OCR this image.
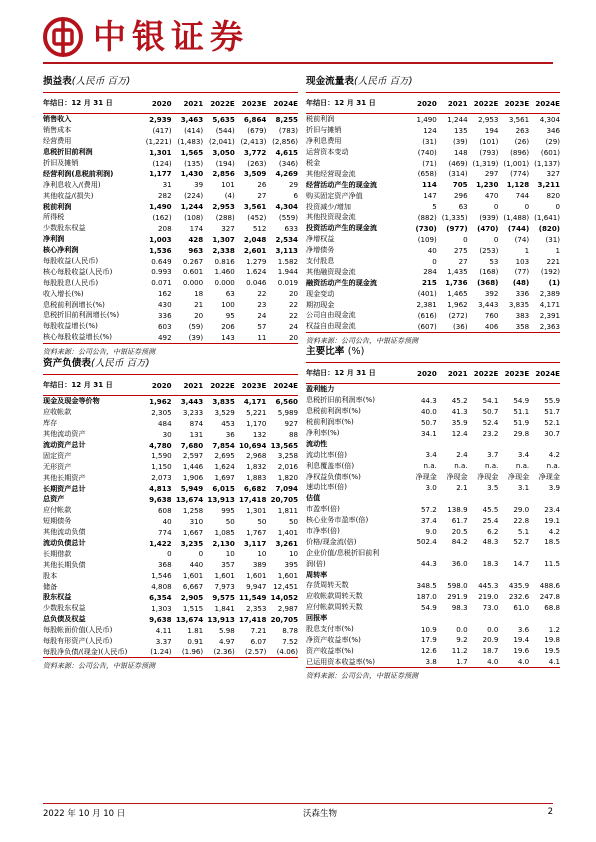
中银证券
损益表(人民币 百万)
年结日：12 月 31 日	2020	2021	2022E	2023E	2024E
销售收入	2,939	3,463	5,635	6,864	8,255
销售成本	(417)	(414)	(544)	(679)	(783)
经营费用	(1,221)	(1,483)	(2,041)	(2,413)	(2,856)
息税折旧前利润	1,301	1,565	3,050	3,772	4,615
折旧及摊销	(124)	(135)	(194)	(263)	(346)
经营利润(息税前利润)	1,177	1,430	2,856	3,509	4,269
净利息收入/(费用)	31	39	101	26	29
其他收益/(损失)	282	(224)	(4)	27	6
税前利润	1,490	1,244	2,953	3,561	4,304
所得税	(162)	(108)	(288)	(452)	(559)
少数股东权益	208	174	327	512	633
净利润	1,003	428	1,307	2,048	2,534
核心净利润	1,536	963	2,338	2,601	3,113
每股收益(人民币)	0.649	0.267	0.816	1.279	1.582
核心每股收益(人民币)	0.993	0.601	1.460	1.624	1.944
每股股息(人民币)	0.071	0.000	0.000	0.046	0.019
收入增长(%)	162	18	63	22	20
息税前利润增长(%)	430	21	100	23	22
息税折旧前利润增长(%)	336	20	95	24	22
每股收益增长(%)	603	(59)	206	57	24
核心每股收益增长(%)	492	(39)	143	11	20
资料来源：公司公告，中银证券预测
资产负债表(人民币 百万)
年结日：12 月 31 日	2020	2021	2022E	2023E	2024E
现金及现金等价物	1,962	3,443	3,835	4,171	6,560
应收帐款	2,305	3,233	3,529	5,221	5,989
库存	484	874	453	1,170	927
其他流动资产	30	131	36	132	88
流动资产总计	4,780	7,680	7,854	10,694	13,565
固定资产	1,590	2,597	2,695	2,968	3,258
无形资产	1,150	1,446	1,624	1,832	2,016
其他长期资产	2,073	1,906	1,697	1,883	1,820
长期资产总计	4,813	5,949	6,015	6,682	7,094
总资产	9,638	13,674	13,913	17,418	20,705
应付帐款	608	1,258	995	1,301	1,811
短期债务	40	310	50	50	50
其他流动负债	774	1,667	1,085	1,767	1,401
流动负债总计	1,422	3,235	2,130	3,117	3,261
长期借款	0	0	10	10	10
其他长期负债	368	440	357	389	395
股本	1,546	1,601	1,601	1,601	1,601
储备	4,808	6,667	7,973	9,947	12,451
股东权益	6,354	2,905	9,575	11,549	14,052
少数股东权益	1,303	1,515	1,841	2,353	2,987
总负债及权益	9,638	13,674	13,913	17,418	20,705
每股帐面价值(人民币)	4.11	1.81	5.98	7.21	8.78
每股有形资产(人民币)	3.37	0.91	4.97	6.07	7.52
每股净负债/(现金)(人民币)	(1.24)	(1.96)	(2.36)	(2.57)	(4.06)
资料来源：公司公告，中银证券预测
现金流量表(人民币 百万)
年结日：12 月 31 日	2020	2021	2022E	2023E	2024E
税前利润	1,490	1,244	2,953	3,561	4,304
折旧与摊销	124	135	194	263	346
净利息费用	(31)	(39)	(101)	(26)	(29)
运营资本变动	(740)	148	(793)	(896)	(601)
税金	(71)	(469)	(1,319)	(1,001)	(1,137)
其他经营现金流	(658)	(314)	297	(774)	327
经营活动产生的现金流	114	705	1,230	1,128	3,211
购买固定资产净值	147	296	470	744	820
投资减少/增加	5	63	0	0	0
其他投资现金流	(882)	(1,335)	(939)	(1,488)	(1,641)
投资活动产生的现金流	(730)	(977)	(470)	(744)	(820)
净增权益	(109)	0	0	(74)	(31)
净增债务	40	275	(253)	1	1
支付股息	0	27	53	103	221
其他融资现金流	284	1,435	(168)	(77)	(192)
融资活动产生的现金流	215	1,736	(368)	(48)	(1)
现金变动	(401)	1,465	392	336	2,389
期初现金	2,381	1,962	3,443	3,835	4,171
公司自由现金流	(616)	(272)	760	383	2,391
权益自由现金流	(607)	(36)	406	358	2,363
资料来源：公司公告，中银证券预测
主要比率 (%)
年结日：12 月 31 日	2020	2021	2022E	2023E	2024E
盈利能力					
息税折旧前利润率(%)	44.3	45.2	54.1	54.9	55.9
息税前利润率(%)	40.0	41.3	50.7	51.1	51.7
税前利润率(%)	50.7	35.9	52.4	51.9	52.1
净利率(%)	34.1	12.4	23.2	29.8	30.7
流动性					
流动比率(倍)	3.4	2.4	3.7	3.4	4.2
利息覆盖率(倍)	n.a.	n.a.	n.a.	n.a.	n.a.
净权益负债率(%)	净现金	净现金	净现金	净现金	净现金
速动比率(倍)	3.0	2.1	3.5	3.1	3.9
估值					
市盈率(倍)	57.2	138.9	45.5	29.0	23.4
核心业务市盈率(倍)	37.4	61.7	25.4	22.8	19.1
市净率(倍)	9.0	20.5	6.2	5.1	4.2
价格/现金流(倍)	502.4	84.2	48.3	52.7	18.5
企业价值/息税折旧前利					
润(倍)	44.3	36.0	18.3	14.7	11.5
周转率					
存货周转天数	348.5	598.0	445.3	435.9	488.6
应收帐款周转天数	187.0	291.9	219.0	232.6	247.8
应付帐款周转天数	54.9	98.3	73.0	61.0	68.8
回报率					
股息支付率(%)	10.9	0.0	0.0	3.6	1.2
净资产收益率(%)	17.9	9.2	20.9	19.4	19.8
资产收益率(%)	12.6	11.2	18.7	19.6	19.5
已运用资本收益率(%)	3.8	1.7	4.0	4.0	4.1
资料来源：公司公告，中银证券预测
2022 年 10 月 10 日	沃森生物	2
